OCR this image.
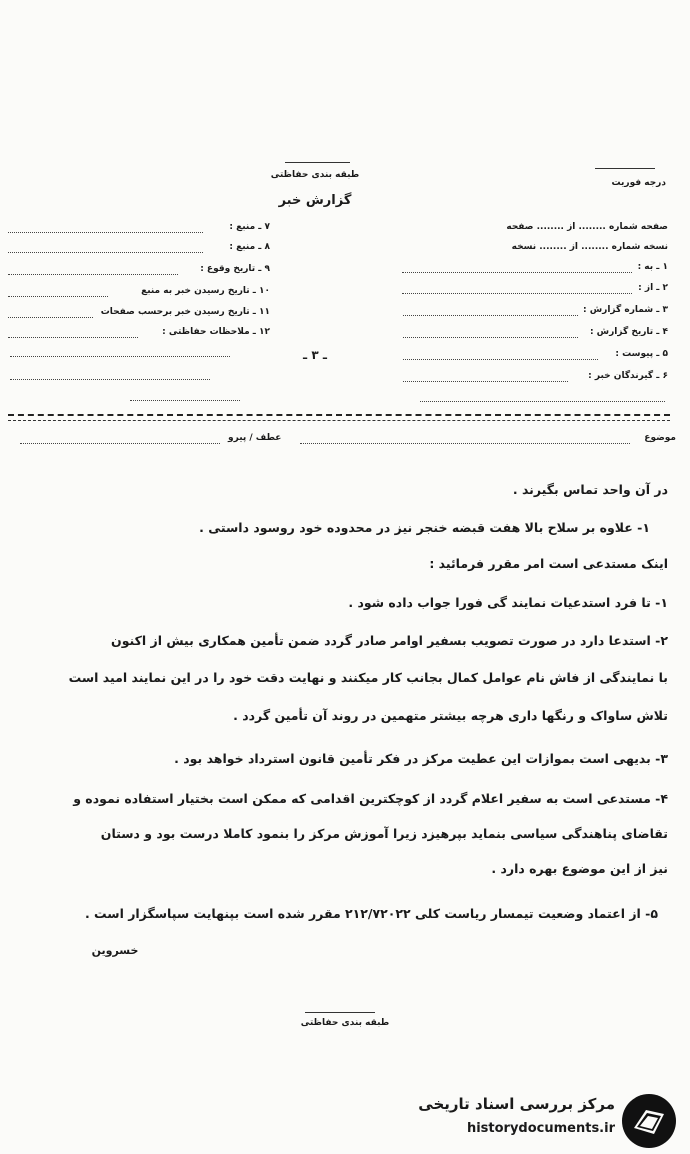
طبقه بندی حفاظتی
گزارش خبر
درجه فوریت
صفحه شماره ........ از ........ صفحه
نسخه شماره ........ از ........ نسخه
۱ ـ به :
۲ ـ از :
۳ ـ شماره گزارش :
۴ ـ تاریخ گزارش :
۵ ـ پیوست :
۶ ـ گیرندگان خبر :
۷ ـ منبع :
۸ ـ منبع :
۹ ـ تاریخ وقوع :
۱۰ ـ تاریخ رسیدن خبر به منبع
۱۱ ـ تاریخ رسیدن خبر برحسب صفحات
۱۲ ـ ملاحظات حفاظتی :
ـ ۳ ـ
موضوع
عطف / پیرو
در آن واحد تماس بگیرند .
۱- علاوه بر سلاح بالا هفت قبضه خنجر نیز در محدوده خود روسود داستی .
اینک مستدعی است امر مقرر فرمائید :
۱- تا فرد استدعیات نمایند گی فورا جواب داده شود .
۲- استدعا دارد در صورت تصویب بسفیر اوامر صادر گردد ضمن تأمین همکاری بیش از اکنون
با نمایندگی از فاش نام عوامل کمال بجانب کار میکنند و نهایت دقت خود را در این نمایند امید است
تلاش ساواک و رنگها داری هرچه بیشتر متهمین در روند آن تأمین گردد .
۳- بدیهی است بموازات این عطیت مرکز در فکر تأمین قانون استرداد خواهد بود .
۴- مستدعی است به سفیر اعلام گردد از کوچکترین اقدامی که ممکن است بختیار استفاده نموده و
تقاضای پناهندگی سیاسی بنماید بپرهیزد زیرا آموزش مرکز را بنمود کاملا درست بود و دستان
نیز از این موضوع بهره دارد .
۵- از اعتماد وضعیت تیمسار ریاست کلی ۲۱۲/۷۲۰۲۲ مقرر شده است بپنهایت سپاسگزار است .
خسروین
طبقه بندی حفاظتی
مرکز بررسی اسناد تاریخی
historydocuments.ir
